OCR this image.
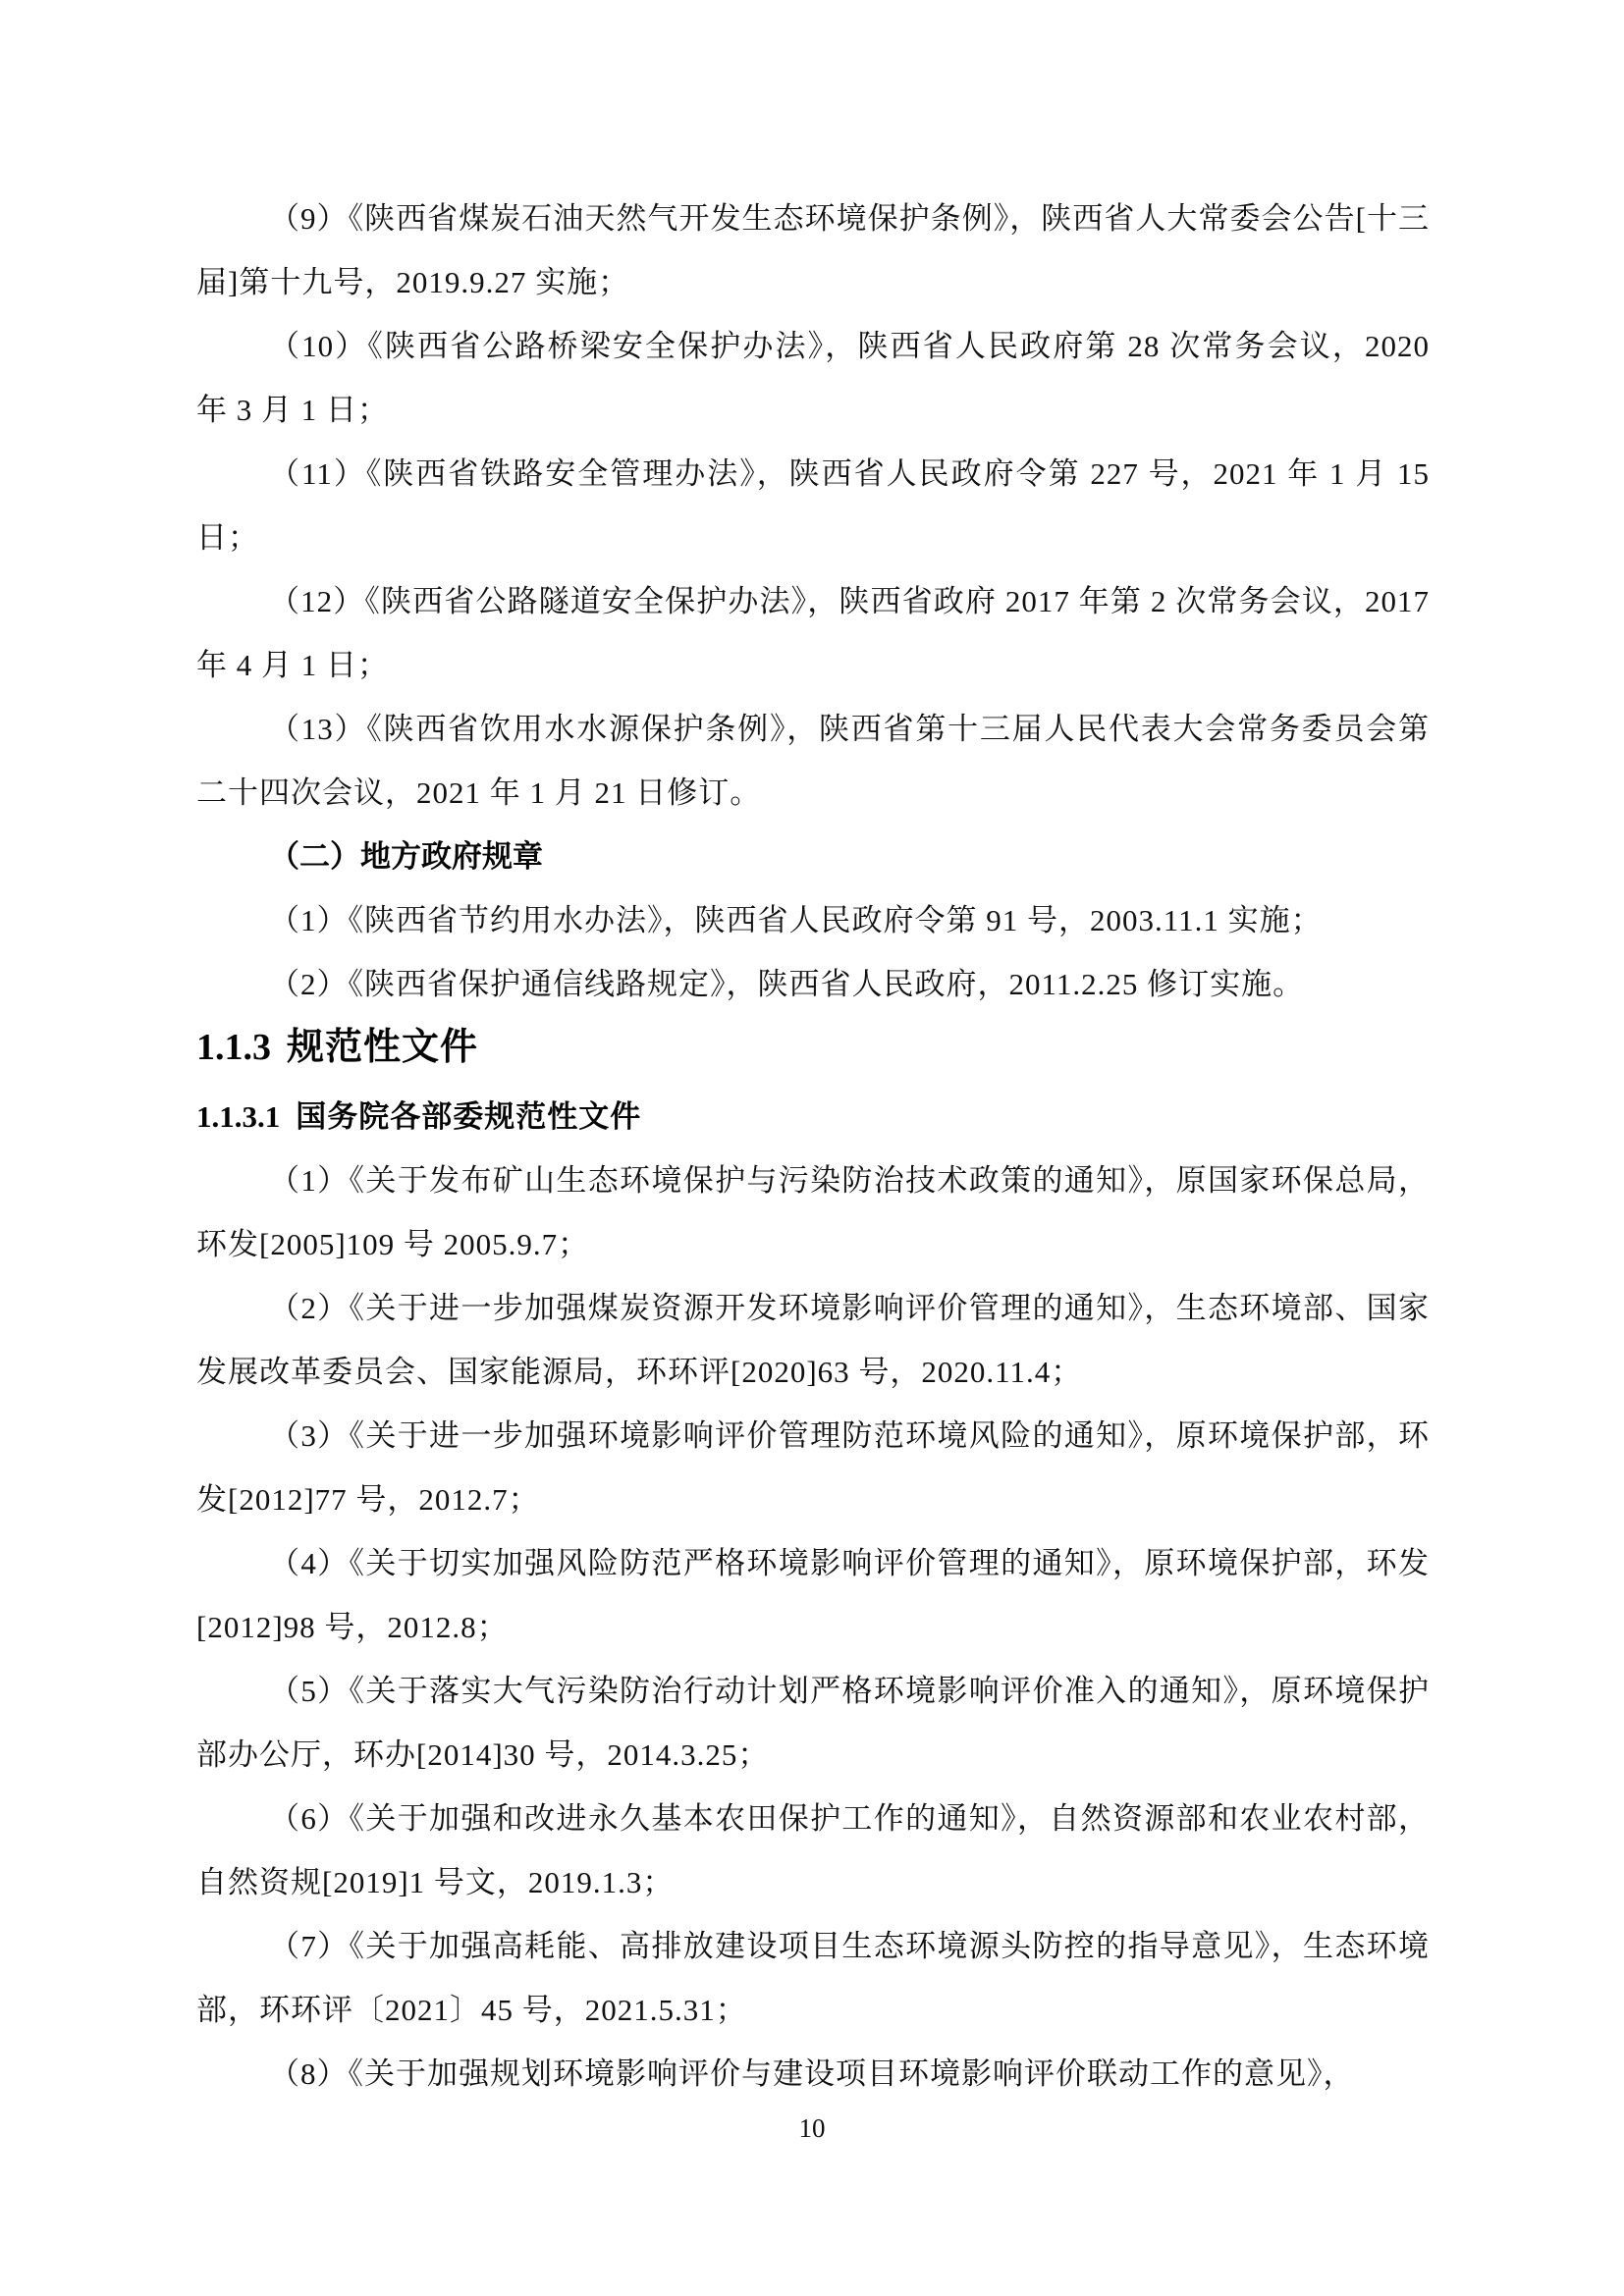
（9）《陕西省煤炭石油天然气开发生态环境保护条例》，陕西省人大常委会公告[十三届]第十九号，2019.9.27 实施；

（10）《陕西省公路桥梁安全保护办法》，陕西省人民政府第 28 次常务会议，2020 年 3 月 1 日；

（11）《陕西省铁路安全管理办法》，陕西省人民政府令第 227 号，2021 年 1 月 15 日；

（12）《陕西省公路隧道安全保护办法》，陕西省政府 2017 年第 2 次常务会议，2017 年 4 月 1 日；

（13）《陕西省饮用水水源保护条例》，陕西省第十三届人民代表大会常务委员会第二十四次会议，2021 年 1 月 21 日修订。

（二）地方政府规章

（1）《陕西省节约用水办法》，陕西省人民政府令第 91 号，2003.11.1 实施；

（2）《陕西省保护通信线路规定》，陕西省人民政府，2011.2.25 修订实施。

1.1.3 规范性文件
1.1.3.1 国务院各部委规范性文件

（1）《关于发布矿山生态环境保护与污染防治技术政策的通知》，原国家环保总局，环发[2005]109 号 2005.9.7；

（2）《关于进一步加强煤炭资源开发环境影响评价管理的通知》，生态环境部、国家发展改革委员会、国家能源局，环环评[2020]63 号，2020.11.4；

（3）《关于进一步加强环境影响评价管理防范环境风险的通知》，原环境保护部，环发[2012]77 号，2012.7；

（4）《关于切实加强风险防范严格环境影响评价管理的通知》，原环境保护部，环发[2012]98 号，2012.8；

（5）《关于落实大气污染防治行动计划严格环境影响评价准入的通知》，原环境保护部办公厅，环办[2014]30 号，2014.3.25；

（6）《关于加强和改进永久基本农田保护工作的通知》，自然资源部和农业农村部，自然资规[2019]1 号文，2019.1.3；

（7）《关于加强高耗能、高排放建设项目生态环境源头防控的指导意见》，生态环境部，环环评〔2021〕45 号，2021.5.31；

（8）《关于加强规划环境影响评价与建设项目环境影响评价联动工作的意见》，

10
